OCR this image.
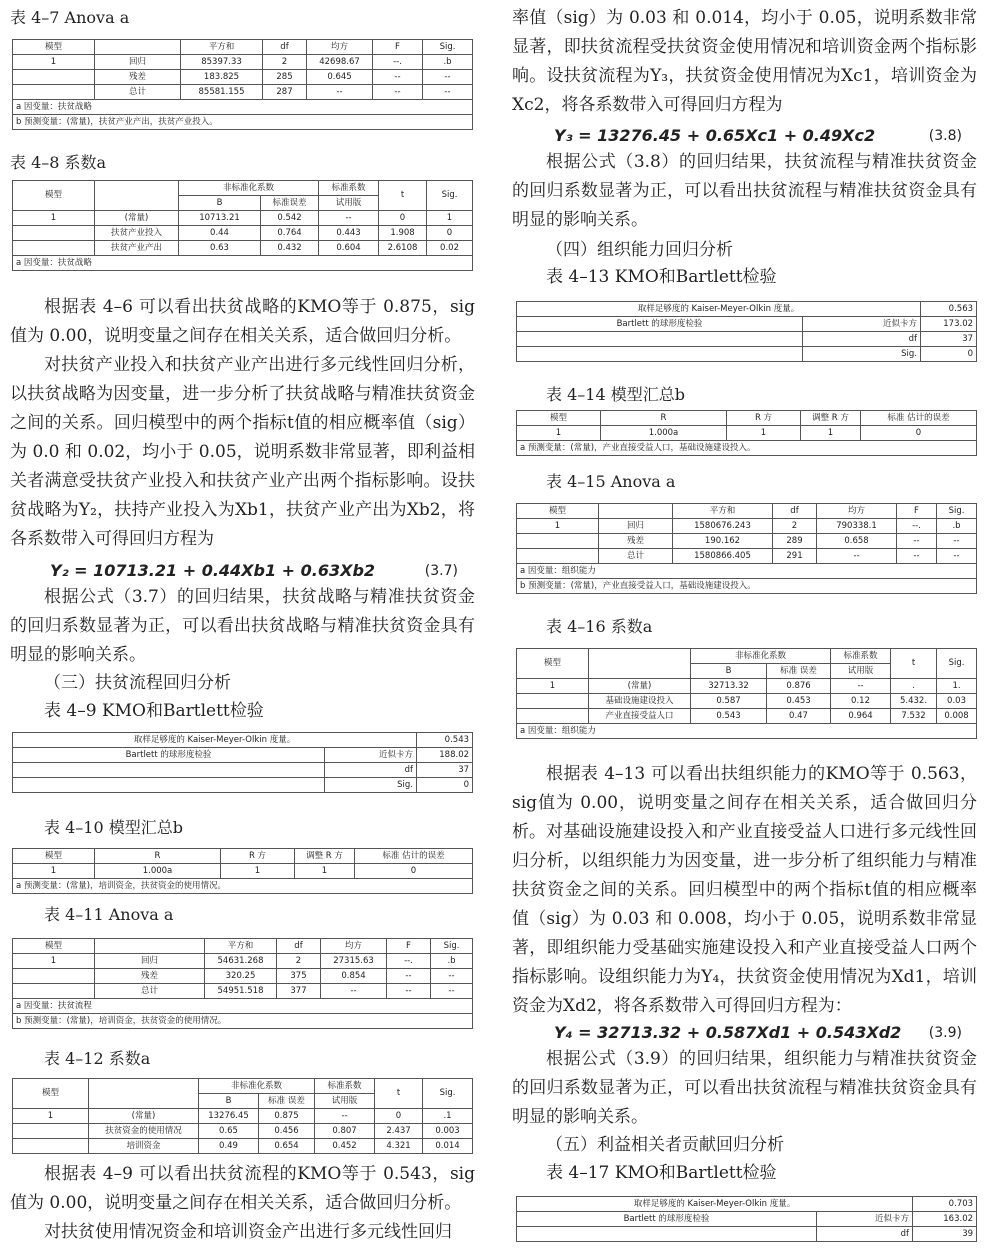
表 4–7 Anova a
模型		平方和	df	均方	F	Sig.
1	回归	85397.33	2	42698.67	--.	.b
	残差	183.825	285	0.645	--	--
	总计	85581.155	287	--	--	--
a 因变量：扶贫战略						
b 预测变量：(常量)，扶贫产业产出，扶贫产业投入。						
表 4–8 系数a
模型		非标准化系数		标准系数	t	Sig.
		B	标准误差	试用版		
1	(常量)	10713.21	0.542	--	0	1
	扶贫产业投入	0.44	0.764	0.443	1.908	0
	扶贫产业产出	0.63	0.432	0.604	2.6108	0.02
a 因变量：扶贫战略						

根据表 4–6 可以看出扶贫战略的KMO等于 0.875，sig值为 0.00，说明变量之间存在相关关系，适合做回归分析。

对扶贫产业投入和扶贫产业产出进行多元线性回归分析，以扶贫战略为因变量，进一步分析了扶贫战略与精准扶贫资金之间的关系。回归模型中的两个指标t值的相应概率值（sig）为 0.0 和 0.02，均小于 0.05，说明系数非常显著，即利益相关者满意受扶贫产业投入和扶贫产业产出两个指标影响。设扶贫战略为Y₂，扶持产业投入为Xb1，扶贫产业产出为Xb2，将各系数带入可得回归方程为

Y₂ = 10713.21 + 0.44Xb1 + 0.63Xb2	(3.7)

根据公式（3.7）的回归结果，扶贫战略与精准扶贫资金的回归系数显著为正，可以看出扶贫战略与精准扶贫资金具有明显的影响关系。

（三）扶贫流程回归分析
表 4–9 KMO和Bartlett检验
取样足够度的 Kaiser-Meyer-Olkin 度量。		0.543
Bartlett 的球形度检验	近似卡方	188.02
	df	37
	Sig.	0
表 4–10 模型汇总b
模型	R	R 方	调整 R 方	标准 估计的误差
1	1.000a	1	1	0
a 预测变量：(常量)，培训资金，扶贫资金的使用情况。				
表 4–11 Anova a
模型		平方和	df	均方	F	Sig.
1	回归	54631.268	2	27315.63	--.	.b
	残差	320.25	375	0.854	--	--
	总计	54951.518	377	--	--	--
a 因变量：扶贫流程						
b 预测变量：(常量)，培训资金，扶贫资金的使用情况。						
表 4–12 系数a
模型		非标准化系数		标准系数	t	Sig.
		B	标准 误差	试用版		
1	(常量)	13276.45	0.875	--	0	.1
	扶贫资金的使用情况	0.65	0.456	0.807	2.437	0.003
	培训资金	0.49	0.654	0.452	4.321	0.014

根据表 4–9 可以看出扶贫流程的KMO等于 0.543，sig值为 0.00，说明变量之间存在相关关系，适合做回归分析。

对扶贫使用情况资金和培训资金产出进行多元线性回归

率值（sig）为 0.03 和 0.014，均小于 0.05，说明系数非常显著，即扶贫流程受扶贫资金使用情况和培训资金两个指标影响。设扶贫流程为Y₃，扶贫资金使用情况为Xc1，培训资金为Xc2，将各系数带入可得回归方程为

Y₃ = 13276.45 + 0.65Xc1 + 0.49Xc2	(3.8)

根据公式（3.8）的回归结果，扶贫流程与精准扶贫资金的回归系数显著为正，可以看出扶贫流程与精准扶贫资金具有明显的影响关系。

（四）组织能力回归分析
表 4–13 KMO和Bartlett检验
取样足够度的 Kaiser-Meyer-Olkin 度量。		0.563
Bartlett 的球形度检验	近似卡方	173.02
	df	37
	Sig.	0
表 4–14 模型汇总b
模型	R	R 方	调整 R 方	标准 估计的误差
1	1.000a	1	1	0
a 预测变量：(常量)，产业直接受益人口，基础设施建设投入。				
表 4–15 Anova a
模型		平方和	df	均方	F	Sig.
1	回归	1580676.243	2	790338.1	--.	.b
	残差	190.162	289	0.658	--	--
	总计	1580866.405	291	--	--	--
a 因变量：组织能力						
b 预测变量：(常量)，产业直接受益人口，基础设施建设投入。						
表 4–16 系数a
模型		非标准化系数		标准系数	t	Sig.
		B	标准 误差	试用版		
1	(常量)	32713.32	0.876	--	.	1.
	基础设施建设投入	0.587	0.453	0.12	5.432.	0.03
	产业直接受益人口	0.543	0.47	0.964	7.532	0.008
a 因变量：组织能力						

根据表 4–13 可以看出扶组织能力的KMO等于 0.563，sig值为 0.00，说明变量之间存在相关关系，适合做回归分析。 对基础设施建设投入和产业直接受益人口进行多元线性回归分析，以组织能力为因变量，进一步分析了组织能力与精准扶贫资金之间的关系。回归模型中的两个指标t值的相应概率值（sig）为 0.03 和 0.008，均小于 0.05，说明系数非常显著，即组织能力受基础实施建设投入和产业直接受益人口两个指标影响。设组织能力为Y₄，扶贫资金使用情况为Xd1，培训资金为Xd2，将各系数带入可得回归方程为：

Y₄ = 32713.32 + 0.587Xd1 + 0.543Xd2 (3.9)

根据公式（3.9）的回归结果，组织能力与精准扶贫资金的回归系数显著为正，可以看出扶贫流程与精准扶贫资金具有明显的影响关系。

（五）利益相关者贡献回归分析
表 4–17 KMO和Bartlett检验
取样足够度的 Kaiser-Meyer-Olkin 度量。		0.703
Bartlett 的球形度检验	近似卡方	163.02
	df	39
